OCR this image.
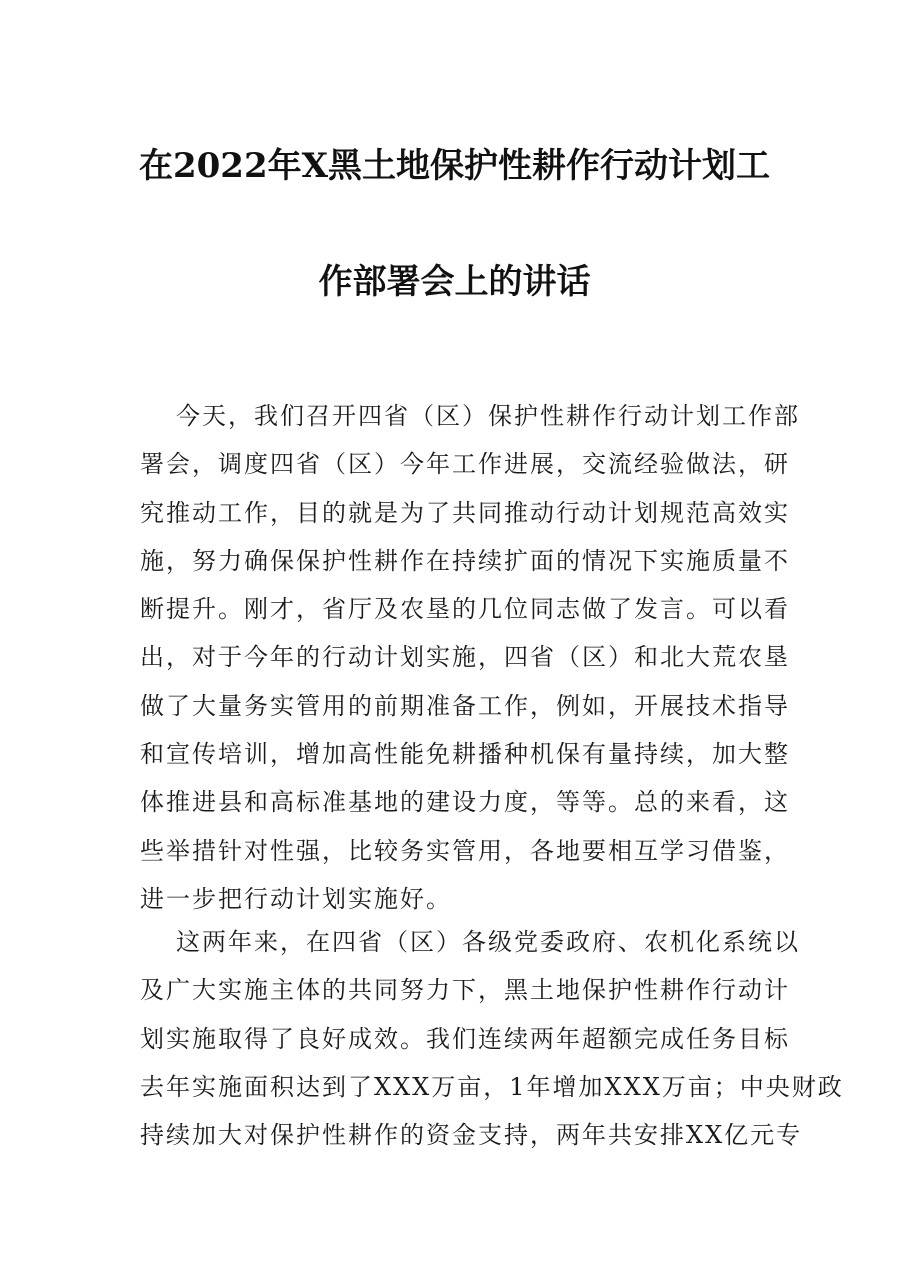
在2022年X黑土地保护性耕作行动计划工
作部署会上的讲话
今天，我们召开四省（区）保护性耕作行动计划工作部
署会，调度四省（区）今年工作进展，交流经验做法，研
究推动工作，目的就是为了共同推动行动计划规范高效实
施，努力确保保护性耕作在持续扩面的情况下实施质量不
断提升。刚才，省厅及农垦的几位同志做了发言。可以看
出，对于今年的行动计划实施，四省（区）和北大荒农垦
做了大量务实管用的前期准备工作，例如，开展技术指导
和宣传培训，增加高性能免耕播种机保有量持续，加大整
体推进县和高标准基地的建设力度，等等。总的来看，这
些举措针对性强，比较务实管用，各地要相互学习借鉴，
进一步把行动计划实施好。
这两年来，在四省（区）各级党委政府、农机化系统以
及广大实施主体的共同努力下，黑土地保护性耕作行动计
划实施取得了良好成效。我们连续两年超额完成任务目标
去年实施面积达到了XXX万亩，1年增加XXX万亩；中央财政
持续加大对保护性耕作的资金支持，两年共安排XX亿元专
